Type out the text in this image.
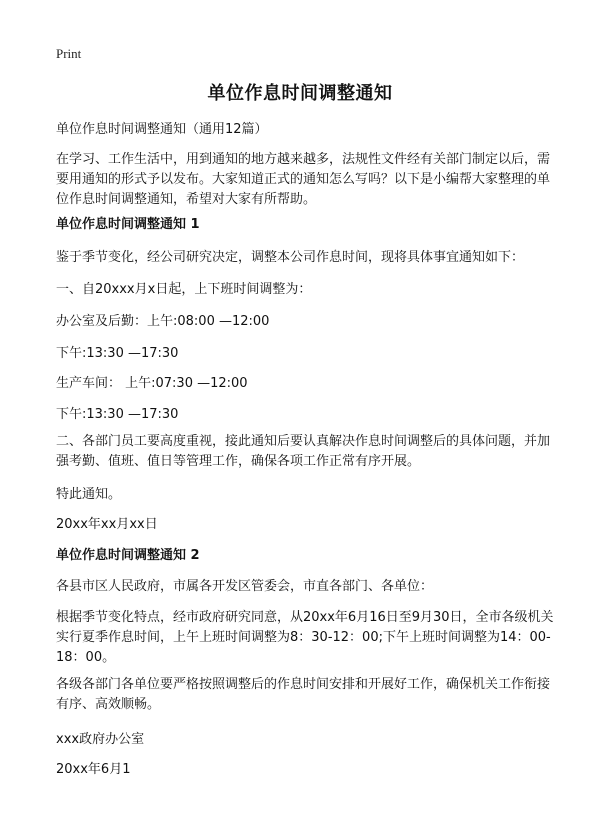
Print
单位作息时间调整通知
单位作息时间调整通知（通用12篇）
在学习、工作生活中，用到通知的地方越来越多，法规性文件经有关部门制定以后，需要用通知的形式予以发布。大家知道正式的通知怎么写吗？以下是小编帮大家整理的单位作息时间调整通知，希望对大家有所帮助。
单位作息时间调整通知 1
鉴于季节变化，经公司研究决定，调整本公司作息时间，现将具体事宜通知如下：
一、自20xxx月x日起，上下班时间调整为：
办公室及后勤：上午:08:00 —12:00
下午:13:30 —17:30
生产车间： 上午:07:30 —12:00
下午:13:30 —17:30
二、各部门员工要高度重视，接此通知后要认真解决作息时间调整后的具体问题，并加强考勤、值班、值日等管理工作，确保各项工作正常有序开展。
特此通知。
20xx年xx月xx日
单位作息时间调整通知 2
各县市区人民政府，市属各开发区管委会，市直各部门、各单位：
根据季节变化特点，经市政府研究同意，从20xx年6月16日至9月30日，全市各级机关实行夏季作息时间，上午上班时间调整为8：30-12：00;下午上班时间调整为14：00-18：00。
各级各部门各单位要严格按照调整后的作息时间安排和开展好工作，确保机关工作衔接有序、高效顺畅。
xxx政府办公室
20xx年6月1
